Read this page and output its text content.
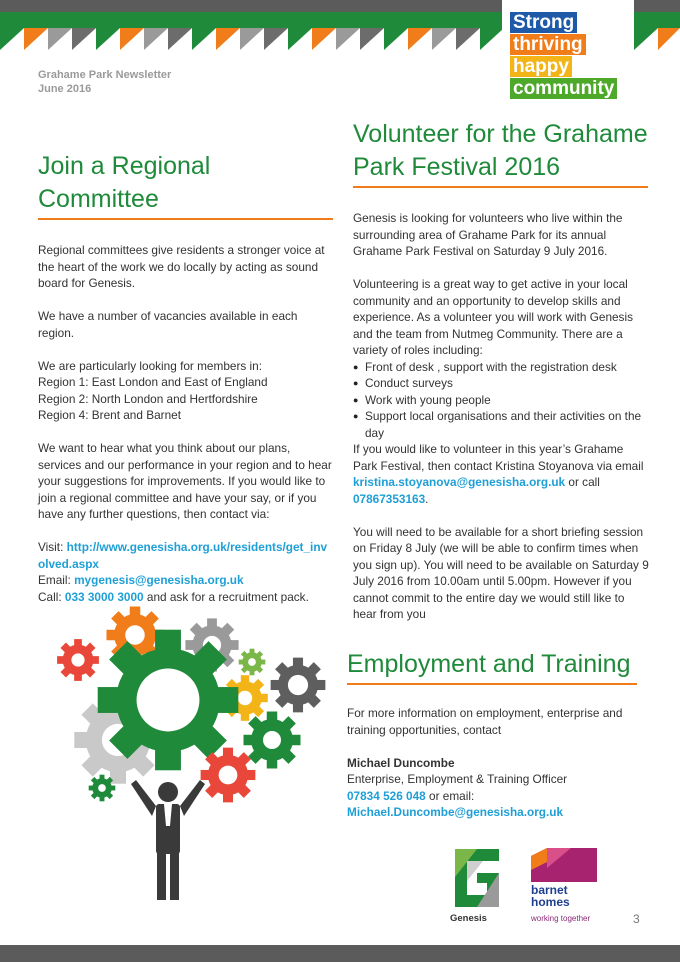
Strong
thriving
happy
community
Grahame Park Newsletter
June 2016
Join a Regional Committee

Regional committees give residents a stronger voice at the heart of the work we do locally by acting as sound board for Genesis.

We have a number of vacancies available in each region.

We are particularly looking for members in:
Region 1: East London and East of England
Region 2: North London and Hertfordshire
Region 4: Brent and Barnet

We want to hear what you think about our plans, services and our performance in your region and to hear your suggestions for improvements. If you would like to join a regional committee and have your say, or if you have any further questions, then contact via:

Visit: http://www.genesisha.org.uk/residents/get_involved.aspx
Email: mygenesis@genesisha.org.uk
Call: 033 3000 3000 and ask for a recruitment pack.

Volunteer for the Grahame Park Festival 2016

Genesis is looking for volunteers who live within the surrounding area of Grahame Park for its annual Grahame Park Festival on Saturday 9 July 2016.

Volunteering is a great way to get active in your local community and an opportunity to develop skills and experience. As a volunteer you will work with Genesis and the team from Nutmeg Community. There are a variety of roles including:

● Front of desk , support with the registration desk
● Conduct surveys
● Work with young people
● Support local organisations and their activities on the day

If you would like to volunteer in this year’s Grahame Park Festival, then contact Kristina Stoyanova via email kristina.stoyanova@genesisha.org.uk or call 07867353163.

You will need to be available for a short briefing session on Friday 8 July (we will be able to confirm times when you sign up). You will need to be available on Saturday 9 July 2016 from 10.00am until 5.00pm. However if you cannot commit to the entire day we would still like to hear from you

Employment and Training

For more information on employment, enterprise and training opportunities, contact

Michael Duncombe
Enterprise, Employment & Training Officer
07834 526 048 or email:
Michael.Duncombe@genesisha.org.uk

Genesis
barnet
homes
working together	3
